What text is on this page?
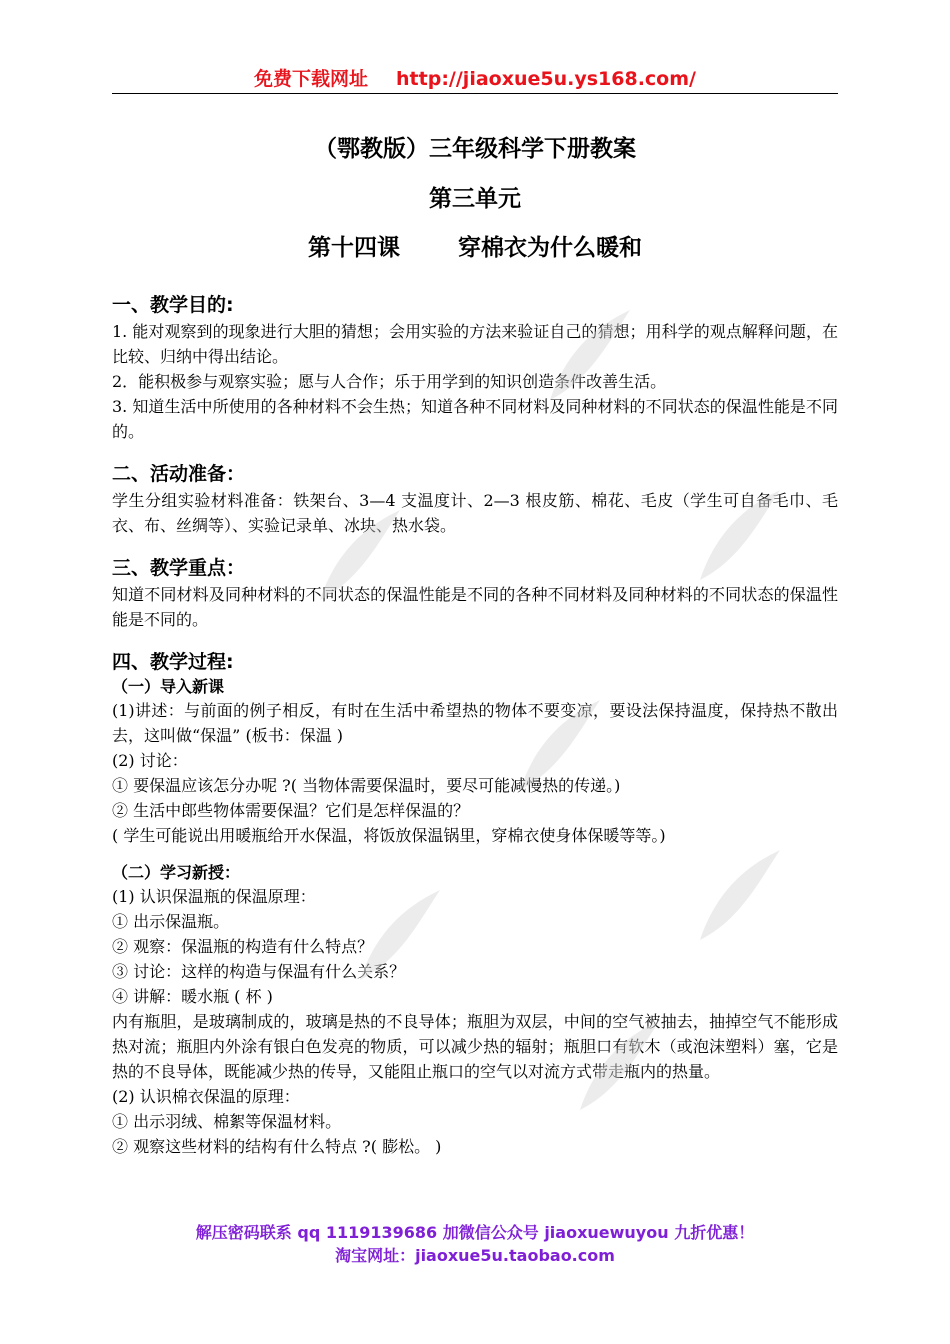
免费下载网址 http://jiaoxue5u.ys168.com/
（鄂教版）三年级科学下册教案
第三单元
第十四课	穿棉衣为什么暖和
一、教学目的:
1. 能对观察到的现象进行大胆的猜想；会用实验的方法来验证自己的猜想；用科学的观点解释问题，在比较、归纳中得出结论。
2．能积极参与观察实验；愿与人合作；乐于用学到的知识创造条件改善生活。
3. 知道生活中所使用的各种材料不会生热；知道各种不同材料及同种材料的不同状态的保温性能是不同的。
二、活动准备：
学生分组实验材料准备：铁架台、3—4 支温度计、2—3 根皮筋、棉花、毛皮（学生可自备毛巾、毛衣、布、丝绸等）、实验记录单、冰块、热水袋。
三、教学重点：
知道不同材料及同种材料的不同状态的保温性能是不同的各种不同材料及同种材料的不同状态的保温性能是不同的。
四、教学过程:
（一）导入新课
(1)讲述：与前面的例子相反，有时在生活中希望热的物体不要变凉，要设法保持温度，保持热不散出去，这叫做“保温” (板书：保温 )
(2) 讨论：
① 要保温应该怎分办呢 ?( 当物体需要保温时，要尽可能减慢热的传递。)
② 生活中郎些物体需要保温？它们是怎样保温的？
( 学生可能说出用暖瓶给开水保温，将饭放保温锅里，穿棉衣使身体保暖等等。)
（二）学习新授：
(1) 认识保温瓶的保温原理：
① 出示保温瓶。
② 观察：保温瓶的构造有什么特点？
③ 讨论：这样的构造与保温有什么关系？
④ 讲解：暖水瓶 ( 杯 )
内有瓶胆，是玻璃制成的，玻璃是热的不良导体；瓶胆为双层，中间的空气被抽去，抽掉空气不能形成热对流；瓶胆内外涂有银白色发亮的物质，可以减少热的辐射；瓶胆口有软木（或泡沫塑料）塞，它是热的不良导体，既能减少热的传导，又能阻止瓶口的空气以对流方式带走瓶内的热量。
(2) 认识棉衣保温的原理：
① 出示羽绒、棉絮等保温材料。
② 观察这些材料的结构有什么特点 ?( 膨松。 )
解压密码联系 qq 1119139686 加微信公众号 jiaoxuewuyou 九折优惠！
淘宝网址：jiaoxue5u.taobao.com
